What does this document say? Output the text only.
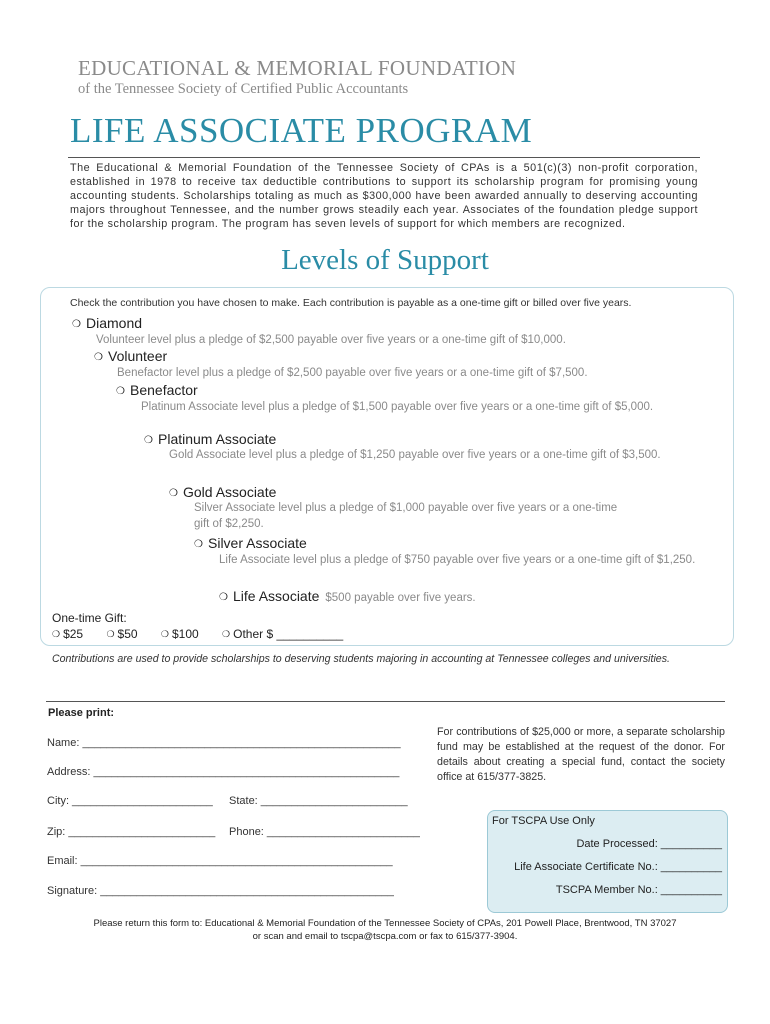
EDUCATIONAL & MEMORIAL FOUNDATION
of the Tennessee Society of Certified Public Accountants
LIFE ASSOCIATE PROGRAM
The Educational & Memorial Foundation of the Tennessee Society of CPAs is a 501(c)(3) non-profit corporation, established in 1978 to receive tax deductible contributions to support its scholarship program for promising young accounting students. Scholarships totaling as much as $300,000 have been awarded annually to deserving accounting majors throughout Tennessee, and the number grows steadily each year. Associates of the foundation pledge support for the scholarship program. The program has seven levels of support for which members are recognized.
Levels of Support
Check the contribution you have chosen to make. Each contribution is payable as a one-time gift or billed over five years.
❍ Diamond
Volunteer level plus a pledge of $2,500 payable over five years or a one-time gift of $10,000.
❍ Volunteer
Benefactor level plus a pledge of $2,500 payable over five years or a one-time gift of $7,500.
❍ Benefactor
Platinum Associate level plus a pledge of $1,500 payable over five years or a one-time gift of $5,000.
❍ Platinum Associate
Gold Associate level plus a pledge of $1,250 payable over five years or a one-time gift of $3,500.
❍ Gold Associate
Silver Associate level plus a pledge of $1,000 payable over five years or a one-time gift of $2,250.
❍ Silver Associate
Life Associate level plus a pledge of $750 payable over five years or a one-time gift of $1,250.
❍ Life Associate $500 payable over five years.
One-time Gift:
❍ $25	❍ $50	❍ $100	❍ Other $ __________
Contributions are used to provide scholarships to deserving students majoring in accounting at Tennessee colleges and universities.
Please print:
Name: ____________________________________________________
Address: __________________________________________________
City: _______________________ State: ________________________
Zip: ________________________ Phone: _________________________
Email: ___________________________________________________
Signature: ________________________________________________
For contributions of $25,000 or more, a separate scholarship fund may be established at the request of the donor. For details about creating a special fund, contact the society office at 615/377-3825.
For TSCPA Use Only
Date Processed: __________
Life Associate Certificate No.: __________
TSCPA Member No.: __________
Please return this form to: Educational & Memorial Foundation of the Tennessee Society of CPAs, 201 Powell Place, Brentwood, TN 37027
or scan and email to tscpa@tscpa.com or fax to 615/377-3904.
